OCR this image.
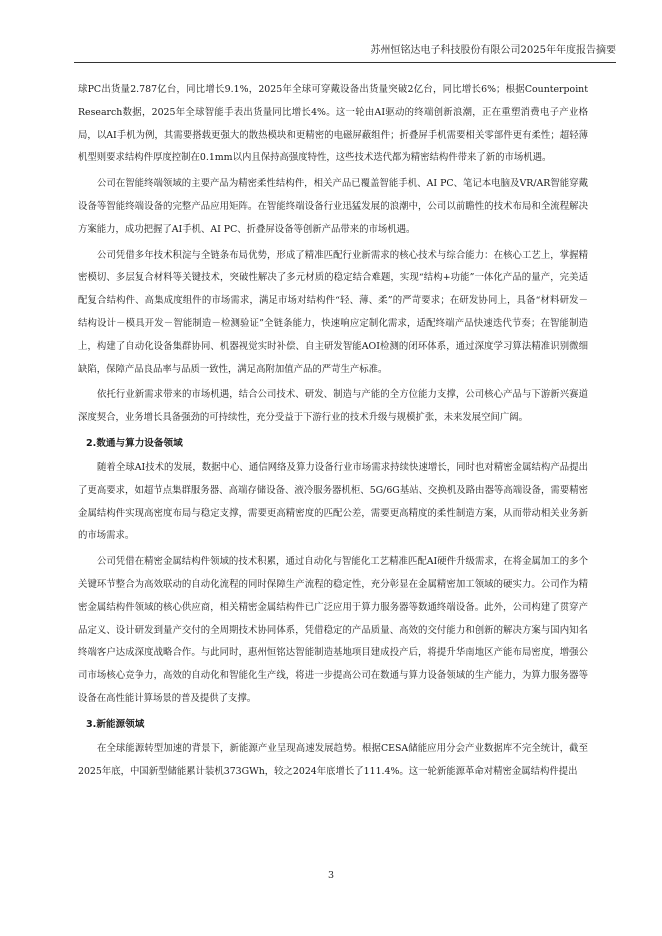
苏州恒铭达电子科技股份有限公司2025年年度报告摘要

球PC出货量2.787亿台，同比增长9.1%，2025年全球可穿戴设备出货量突破2亿台，同比增长6%；根据Counterpoint Research数据，2025年全球智能手表出货量同比增长4%。这一轮由AI驱动的终端创新浪潮，正在重塑消费电子产业格局，以AI手机为例，其需要搭载更强大的散热模块和更精密的电磁屏蔽组件；折叠屏手机需要相关零部件更有柔性；超轻薄机型则要求结构件厚度控制在0.1mm以内且保持高强度特性，这些技术迭代都为精密结构件带来了新的市场机遇。

公司在智能终端领域的主要产品为精密柔性结构件，相关产品已覆盖智能手机、AI PC、笔记本电脑及VR/AR智能穿戴设备等智能终端设备的完整产品应用矩阵。在智能终端设备行业迅猛发展的浪潮中，公司以前瞻性的技术布局和全流程解决方案能力，成功把握了AI手机、AI PC、折叠屏设备等创新产品带来的市场机遇。

公司凭借多年技术积淀与全链条布局优势，形成了精准匹配行业新需求的核心技术与综合能力：在核心工艺上，掌握精密模切、多层复合材料等关键技术，突破性解决了多元材质的稳定结合难题，实现“结构+功能”一体化产品的量产，完美适配复合结构件、高集成度组件的市场需求，满足市场对结构件“轻、薄、柔”的严苛要求；在研发协同上，具备“材料研发－结构设计－模具开发－智能制造－检测验证”全链条能力，快速响应定制化需求，适配终端产品快速迭代节奏；在智能制造上，构建了自动化设备集群协同、机器视觉实时补偿、自主研发智能AOI检测的闭环体系，通过深度学习算法精准识别微细缺陷，保障产品良品率与品质一致性，满足高附加值产品的严苛生产标准。

依托行业新需求带来的市场机遇，结合公司技术、研发、制造与产能的全方位能力支撑，公司核心产品与下游新兴赛道深度契合，业务增长具备强劲的可持续性，充分受益于下游行业的技术升级与规模扩张，未来发展空间广阔。

2.数通与算力设备领域

随着全球AI技术的发展，数据中心、通信网络及算力设备行业市场需求持续快速增长，同时也对精密金属结构产品提出了更高要求，如超节点集群服务器、高端存储设备、液冷服务器机柜、5G/6G基站、交换机及路由器等高端设备，需要精密金属结构件实现高密度布局与稳定支撑，需要更高精密度的匹配公差，需要更高精度的柔性制造方案，从而带动相关业务新的市场需求。

公司凭借在精密金属结构件领域的技术积累，通过自动化与智能化工艺精准匹配AI硬件升级需求，在将金属加工的多个关键环节整合为高效联动的自动化流程的同时保障生产流程的稳定性，充分彰显在金属精密加工领域的硬实力。公司作为精密金属结构件领域的核心供应商，相关精密金属结构件已广泛应用于算力服务器等数通终端设备。此外，公司构建了贯穿产品定义、设计研发到量产交付的全周期技术协同体系，凭借稳定的产品质量、高效的交付能力和创新的解决方案与国内知名终端客户达成深度战略合作。与此同时，惠州恒铭达智能制造基地项目建成投产后，将提升华南地区产能布局密度，增强公司市场核心竞争力，高效的自动化和智能化生产线，将进一步提高公司在数通与算力设备领域的生产能力，为算力服务器等设备在高性能计算场景的普及提供了支撑。

3.新能源领域

在全球能源转型加速的背景下，新能源产业呈现高速发展趋势。根据CESA储能应用分会产业数据库不完全统计，截至2025年底，中国新型储能累计装机373GWh，较之2024年底增长了111.4%。这一轮新能源革命对精密金属结构件提出

3
